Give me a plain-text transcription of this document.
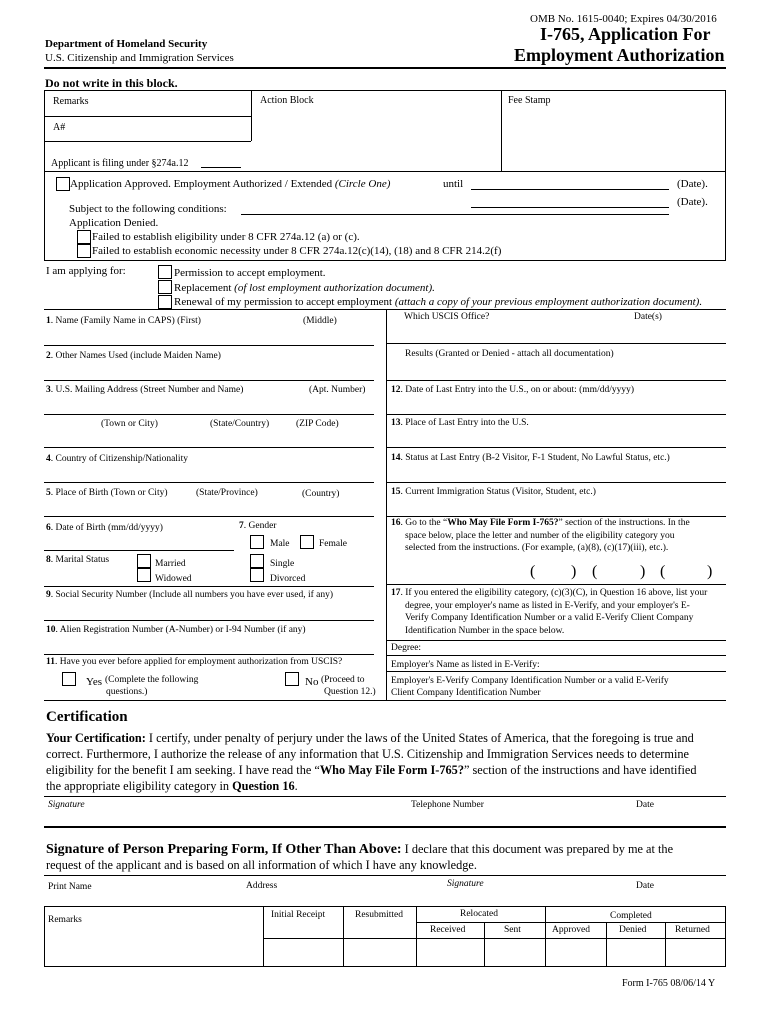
OMB No. 1615-0040; Expires 04/30/2016
I-765, Application For
Employment Authorization
Department of Homeland Security
U.S. Citizenship and Immigration Services
Do not write in this block.
Remarks	Action Block	Fee Stamp
A#
Applicant is filing under §274a.12
Application Approved. Employment Authorized / Extended (Circle One)	until	(Date).
(Date).
Subject to the following conditions:
Application Denied.
Failed to establish eligibility under 8 CFR 274a.12 (a) or (c).
Failed to establish economic necessity under 8 CFR 274a.12(c)(14), (18) and 8 CFR 214.2(f)
I am applying for:	Permission to accept employment.
Replacement (of lost employment authorization document).
Renewal of my permission to accept employment (attach a copy of your previous employment authorization document).
1. Name (Family Name in CAPS) (First)	(Middle)
2. Other Names Used (include Maiden Name)
3. U.S. Mailing Address (Street Number and Name)	(Apt. Number)
(Town or City)	(State/Country)	(ZIP Code)
4. Country of Citizenship/Nationality
5. Place of Birth (Town or City)	(State/Province)	(Country)
6. Date of Birth (mm/dd/yyyy)	7. Gender
Male	Female
8. Marital Status	Married	Single
Widowed	Divorced
9. Social Security Number (Include all numbers you have ever used, if any)
10. Alien Registration Number (A-Number) or I-94 Number (if any)
11. Have you ever before applied for employment authorization from USCIS?
Yes (Complete the following
questions.)
No (Proceed to
Question 12.)
Which USCIS Office?	Date(s)
Results (Granted or Denied - attach all documentation)
12. Date of Last Entry into the U.S., on or about: (mm/dd/yyyy)
13. Place of Last Entry into the U.S.
14. Status at Last Entry (B-2 Visitor, F-1 Student, No Lawful Status, etc.)
15. Current Immigration Status (Visitor, Student, etc.)
16. Go to the “Who May File Form I-765?” section of the instructions. In the
space below, place the letter and number of the eligibility category you
selected from the instructions. (For example, (a)(8), (c)(17)(iii), etc.).
( ) (	) (	)
17. If you entered the eligibility category, (c)(3)(C), in Question 16 above, list your
degree, your employer's name as listed in E-Verify, and your employer's E-
Verify Company Identification Number or a valid E-Verify Client Company
Identification Number in the space below.
Degree:
Employer's Name as listed in E-Verify:
Employer's E-Verify Company Identification Number or a valid E-Verify
Client Company Identification Number
Certification
Your Certification: I certify, under penalty of perjury under the laws of the United States of America, that the foregoing is true and
correct. Furthermore, I authorize the release of any information that U.S. Citizenship and Immigration Services needs to determine
eligibility for the benefit I am seeking. I have read the “Who May File Form I-765?” section of the instructions and have identified
the appropriate eligibility category in Question 16.
Signature	Telephone Number	Date
Signature of Person Preparing Form, If Other Than Above: I declare that this document was prepared by me at the
request of the applicant and is based on all information of which I have any knowledge.
Print Name	Address	Signature	Date
Remarks	Initial Receipt	Resubmitted	Relocated	Completed
Received	Sent	Approved	Denied	Returned
Form I-765 08/06/14 Y
